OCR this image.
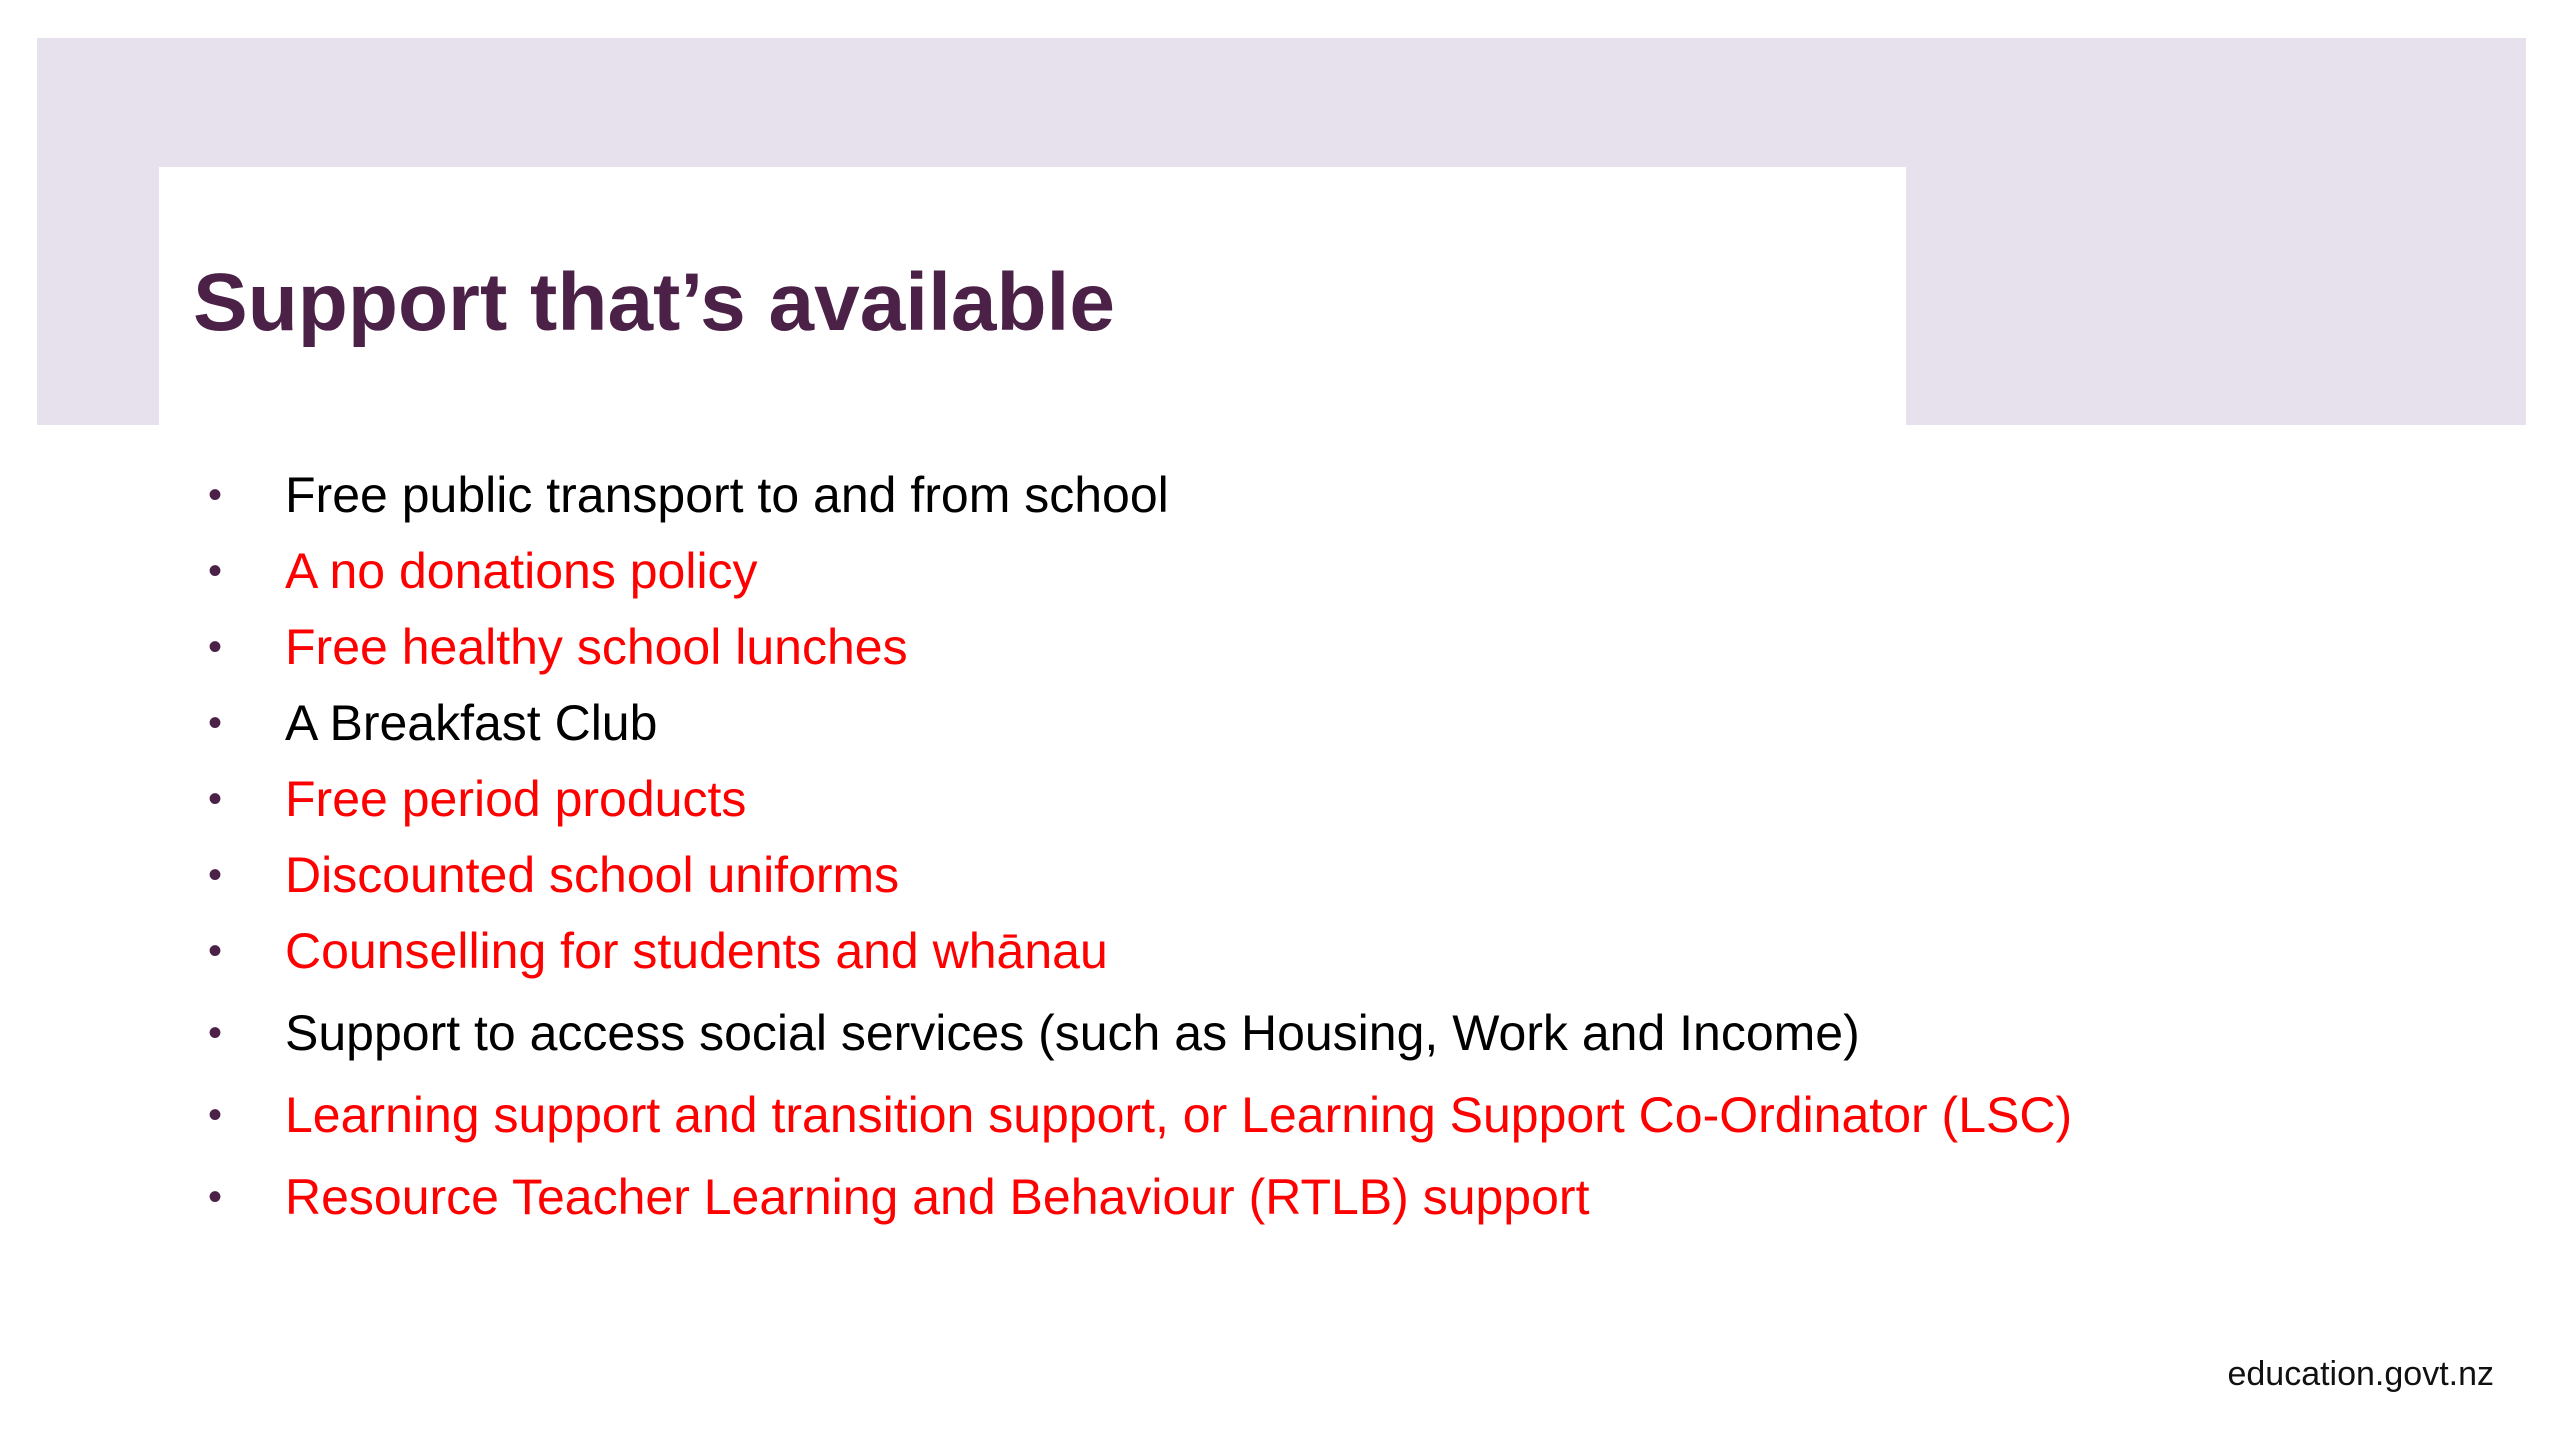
Support that’s available
•	Free public transport to and from school
•	A no donations policy
•	Free healthy school lunches
•	A Breakfast Club
•	Free period products
•	Discounted school uniforms
•	Counselling for students and whānau
•	Support to access social services (such as Housing, Work and Income)
•	Learning support and transition support, or Learning Support Co-Ordinator (LSC)
•	Resource Teacher Learning and Behaviour (RTLB) support
education.govt.nz
